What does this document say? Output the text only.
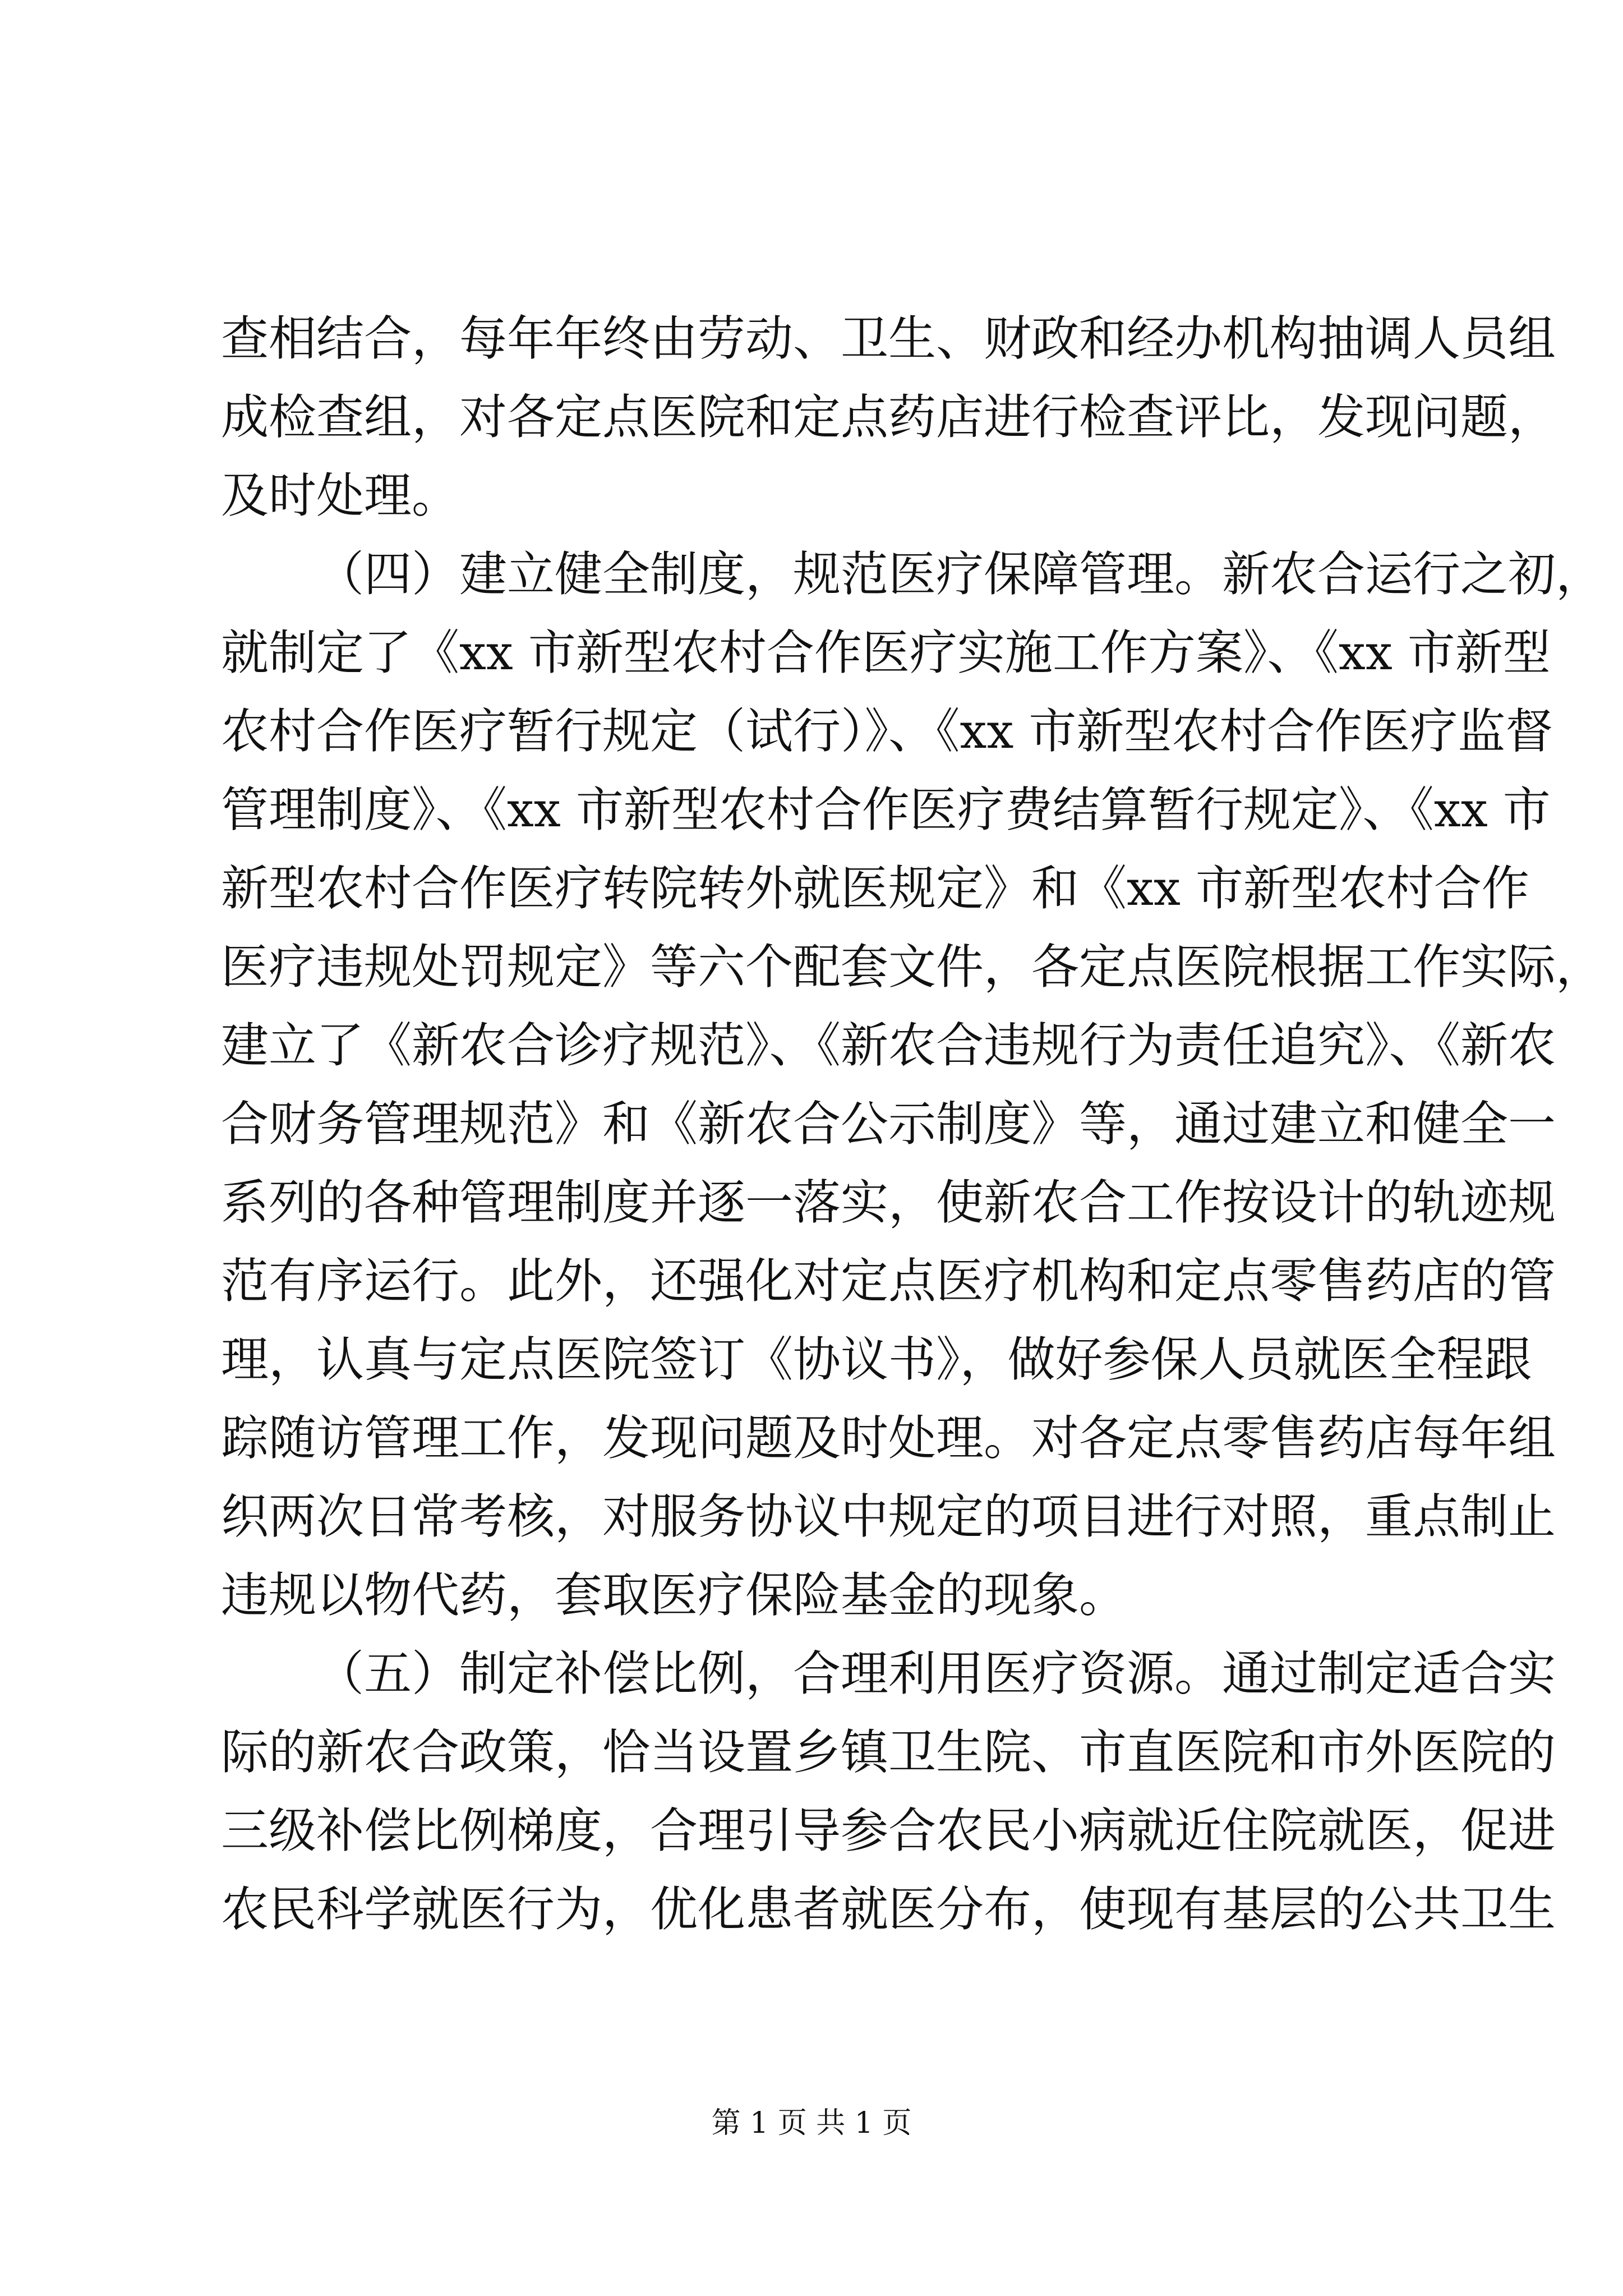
查相结合，每年年终由劳动、卫生、财政和经办机构抽调人员组
成检查组，对各定点医院和定点药店进行检查评比，发现问题，
及时处理。
（四）建立健全制度，规范医疗保障管理。新农合运行之初，
就制定了《xx 市新型农村合作医疗实施工作方案》、《xx 市新型
农村合作医疗暂行规定（试行）》、《xx 市新型农村合作医疗监督
管理制度》、《xx 市新型农村合作医疗费结算暂行规定》、《xx 市
新型农村合作医疗转院转外就医规定》和《xx 市新型农村合作
医疗违规处罚规定》等六个配套文件，各定点医院根据工作实际，
建立了《新农合诊疗规范》、《新农合违规行为责任追究》、《新农
合财务管理规范》和《新农合公示制度》等，通过建立和健全一
系列的各种管理制度并逐一落实，使新农合工作按设计的轨迹规
范有序运行。此外，还强化对定点医疗机构和定点零售药店的管
理，认真与定点医院签订《协议书》，做好参保人员就医全程跟
踪随访管理工作，发现问题及时处理。对各定点零售药店每年组
织两次日常考核，对服务协议中规定的项目进行对照，重点制止
违规以物代药，套取医疗保险基金的现象。
（五）制定补偿比例，合理利用医疗资源。通过制定适合实
际的新农合政策，恰当设置乡镇卫生院、市直医院和市外医院的
三级补偿比例梯度，合理引导参合农民小病就近住院就医，促进
农民科学就医行为，优化患者就医分布，使现有基层的公共卫生
第 1 页 共 1 页
